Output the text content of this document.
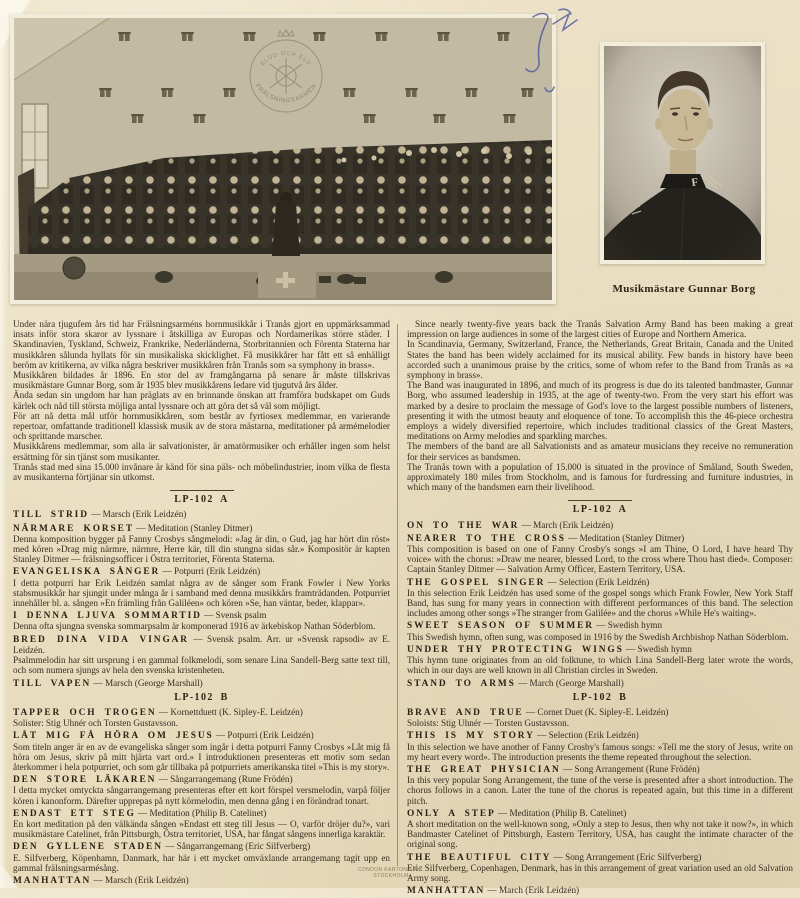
Musikmästare Gunnar Borg

Under nära tjugufem års tid har Frälsningsarméns hornmusikkår i Tranås gjort en uppmärksammad insats inför stora skaror av lyssnare i åtskilliga av Europas och Nordamerikas större städer. I Skandinavien, Tyskland, Schweiz, Frankrike, Nederländerna, Storbritannien och Förenta Staterna har musikkåren sålunda hyllats för sin musikaliska skicklighet. Få musikkårer har fått ett så enhälligt beröm av kritikerna, av vilka några beskriver musikkåren från Tranås som »a symphony in brass».

Musikkåren bildades år 1896. En stor del av framgångarna på senare år måste tillskrivas musikmästare Gunnar Borg, som år 1935 blev musikkårens ledare vid tjugutvå års ålder.

Ända sedan sin ungdom har han präglats av en brinnande önskan att framföra budskapet om Guds kärlek och nåd till största möjliga antal lyssnare och att göra det så väl som möjligt.

För att nå detta mål utför hornmusikkåren, som består av fyrtiosex medlemmar, en varierande repertoar, omfattande traditionell klassisk musik av de stora mästarna, meditationer på armémelodier och sprittande marscher.

Musikkårens medlemmar, som alla är salvationister, är amatörmusiker och erhåller ingen som helst ersättning för sin tjänst som musikanter.

Tranås stad med sina 15.000 invånare är känd för sina päls- och möbelindustrier, inom vilka de flesta av musikanterna förtjänar sin utkomst.

LP-102 A

TILL STRID — Marsch (Erik Leidzén)

NÄRMARE KORSET — Meditation (Stanley Ditmer)

Denna komposition bygger på Fanny Crosbys sångmelodi: »Jag är din, o Gud, jag har hört din röst» med kören »Drag mig närmre, närmre, Herre kär, till din stungna sidas sår.» Kompositör är kapten Stanley Ditmer — frälsningsofficer i Östra territoriet, Förenta Staterna.

EVANGELISKA SÅNGER — Potpurri (Erik Leidzén)

I detta potpurri har Erik Leidzén samlat några av de sånger som Frank Fowler i New Yorks stabsmusikkår har sjungit under många år i samband med denna musikkårs framträdanden. Potpurriet innehåller bl. a. sången »En främling från Galiléen» och kören »Se, han väntar, beder, klappar».

I DENNA LJUVA SOMMARTID — Svensk psalm

Denna ofta sjungna svenska sommarpsalm är komponerad 1916 av ärkebiskop Nathan Söderblom.

BRED DINA VIDA VINGAR — Svensk psalm. Arr. ur »Svensk rapsodi» av E. Leidzén.

Psalmmelodin har sitt ursprung i en gammal folkmelodi, som senare Lina Sandell-Berg satte text till, och som numera sjungs av hela den svenska kristenheten.

TILL VAPEN — Marsch (George Marshall)

LP-102 B

TAPPER OCH TROGEN — Kornettduett (K. Sipley-E. Leidzén)

Solister: Stig Uhnér och Torsten Gustavsson.

LÅT MIG FÅ HÖRA OM JESUS — Potpurri (Erik Leidzén)

Som titeln anger är en av de evangeliska sånger som ingår i detta potpurri Fanny Crosbys »Låt mig få höra om Jesus, skriv på mitt hjärta vart ord.» I introduktionen presenteras ett motiv som sedan återkommer i hela potpurriet, och som går tillbaka på potpurriets amerikanska titel »This is my story».

DEN STORE LÄKAREN — Sångarrangemang (Rune Frödén)

I detta mycket omtyckta sångarrangemang presenteras efter ett kort förspel versmelodin, varpå följer kören i kanonform. Därefter upprepas på nytt körmelodin, men denna gång i en förändrad tonart.

ENDAST ETT STEG — Meditation (Philip B. Catelinet)

En kort meditation på den välkända sången »Endast ett steg till Jesus — O, varför dröjer du?», vari musikmästare Catelinet, från Pittsburgh, Östra territoriet, USA, har fångat sångens innerliga karaktär.

DEN GYLLENE STADEN — Sångarrangemang (Eric Silfverberg)

E. Silfverberg, Köpenhamn, Danmark, har här i ett mycket omväxlande arrangemang tagit upp en gammal frälsningsarmésång.

MANHATTAN — Marsch (Erik Leidzén)

Since nearly twenty-five years back the Tranås Salvation Army Band has been making a great impression on large audiences in some of the largest cities of Europe and Northern America.

In Scandinavia, Germany, Switzerland, France, the Netherlands, Great Britain, Canada and the United States the band has been widely acclaimed for its musical ability. Few bands in history have been accorded such a unanimous praise by the critics, some of whom refer to the Band from Tranås as »a symphony in brass».

The Band was inaugurated in 1896, and much of its progress is due do its talented bandmaster, Gunnar Borg, who assumed leadership in 1935, at the age of twenty-two. From the very start his effort was marked by a desire to proclaim the message of God's love to the largest possible numbers of listeners, presenting it with the utmost beauty and eloquence of tone. To accomplish this the 46-piece orchestra employs a widely diversified repertoire, which includes traditional classics of the Great Masters, meditations on Army melodies and sparkling marches.

The members of the band are all Salvationists and as amateur musicians they receive no remuneration for their services as bandsmen.

The Tranås town with a population of 15.000 is situated in the province of Småland, South Sweden, approximately 180 miles from Stockholm, and is famous for furdressing and furniture industries, in which many of the bandsmen earn their livelihood.

LP-102 A

ON TO THE WAR — March (Erik Leidzén)

NEARER TO THE CROSS — Meditation (Stanley Ditmer)

This composition is based on one of Fanny Crosby's songs »I am Thine, O Lord, I have heard Thy voice» with the chorus: »Draw me nearer, blessed Lord, to the cross where Thou hast died». Composer: Captain Stanley Ditmer — Salvation Army Officer, Eastern Territory, USA.

THE GOSPEL SINGER — Selection (Erik Leidzén)

In this selection Erik Leidzén has used some of the gospel songs which Frank Fowler, New York Staff Band, has sung for many years in connection with different performances of this band. The selection includes among other songs »The stranger from Galilée» and the chorus »While He's waiting».

SWEET SEASON OF SUMMER — Swedish hymn

This Swedish hymn, often sung, was composed in 1916 by the Swedish Archbishop Nathan Söderblom.

UNDER THY PROTECTING WINGS — Swedish hymn

This hymn tune originates from an old folktune, to which Lina Sandell-Berg later wrote the words, which in our days are well known in all Christian circles in Sweden.

STAND TO ARMS — March (George Marshall)

LP-102 B

BRAVE AND TRUE — Cornet Duet (K. Sipley-E. Leidzén)

Soloists: Stig Uhnér — Torsten Gustavsson.

THIS IS MY STORY — Selection (Erik Leidzén)

In this selection we have another of Fanny Crosby's famous songs: »Tell me the story of Jesus, write on my heart every word». The introduction presents the theme repeated throughout the selection.

THE GREAT PHYSICIAN — Song Arrangement (Rune Frödén)

In this very popular Song Arrangement, the tune of the verse is presented after a short introduction. The chorus follows in a canon. Later the tune of the chorus is repeated again, but this time in a different pitch.

ONLY A STEP — Meditation (Philip B. Catelinet)

A short meditation on the well-known song, »Only a step to Jesus, then why not take it now?», in which Bandmaster Catelinet of Pittsburgh, Eastern Territory, USA, has caught the intimate character of the original song.

THE BEAUTIFUL CITY — Song Arrangement (Eric Silfverberg)

Eric Silfverberg, Copenhagen, Denmark, has in this arrangement of great variation used an old Salvation Army song.

MANHATTAN — March (Erik Leidzén)

CONDOR KARTONG A.B.
STOCKHOLM
